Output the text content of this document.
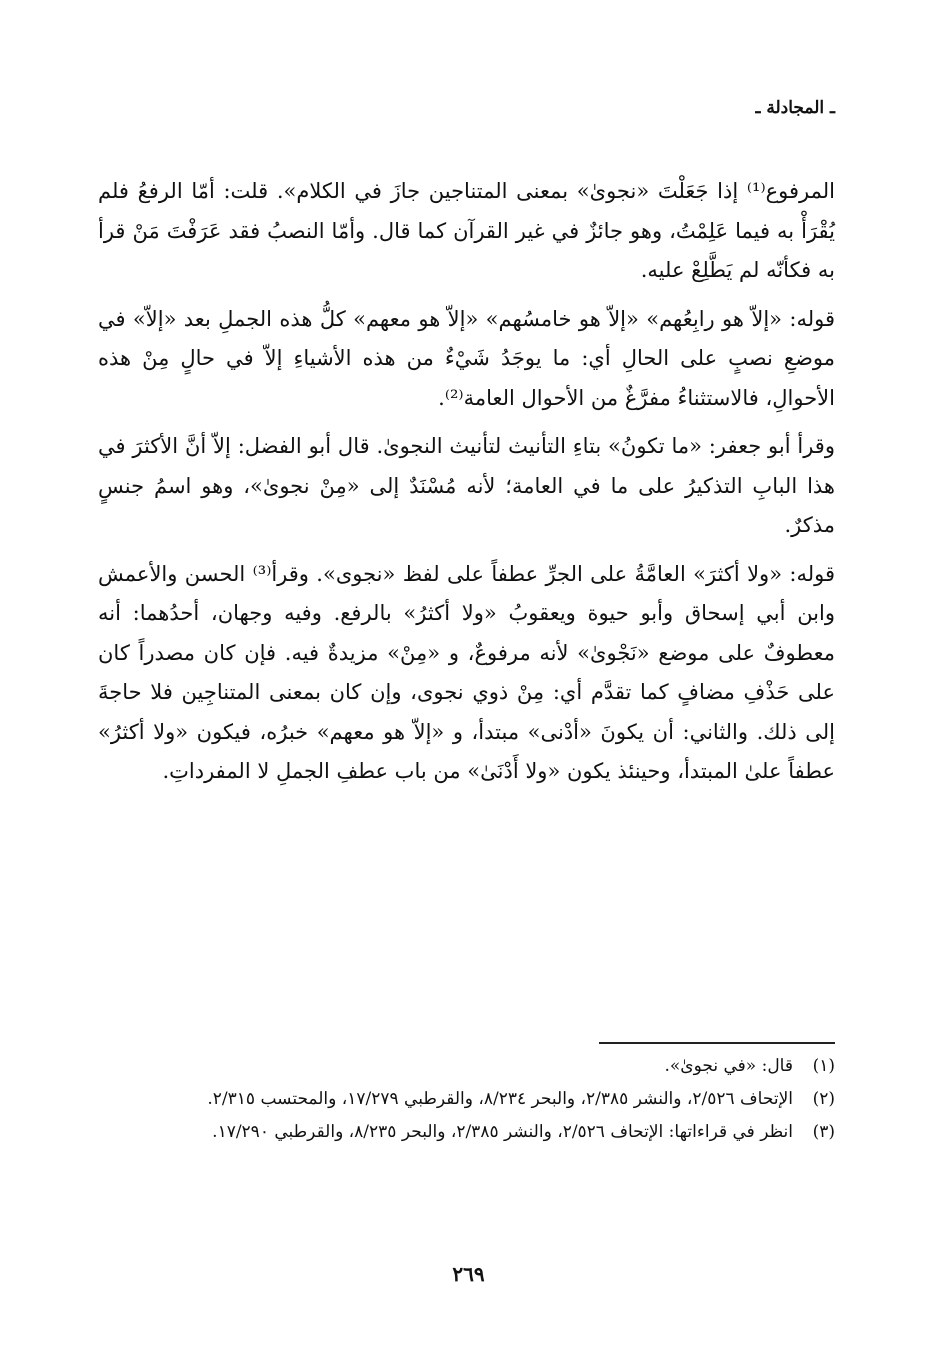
ـ المجادلة ـ

المرفوع⁽¹⁾ إذا جَعَلْتَ «نجوىٰ» بمعنى المتناجين جازَ في الكلام». قلت: أمّا الرفعُ فلم يُقْرَأْ به فيما عَلِمْتُ، وهو جائزٌ في غير القرآن كما قال. وأمّا النصبُ فقد عَرَفْتَ مَنْ قرأ به فكأنّه لم يَطَّلِعْ عليه.

قوله: «إلاّ هو رابِعُهم» «إلاّ هو خامسُهم» «إلاّ هو معهم» كلُّ هذه الجملِ بعد «إلاّ» في موضعِ نصبٍ على الحالِ أي: ما يوجَدُ شَيْءٌ من هذه الأشياءِ إلاّ في حالٍ مِنْ هذه الأحوالِ، فالاستثناءُ مفرَّغٌ من الأحوال العامة⁽²⁾.

وقرأ أبو جعفر: «ما تكونُ» بتاءِ التأنيث لتأنيث النجوىٰ. قال أبو الفضل: إلاّ أنَّ الأكثرَ في هذا البابِ التذكيرُ على ما في العامة؛ لأنه مُسْنَدٌ إلى «مِنْ نجوىٰ»، وهو اسمُ جنسٍ مذكرٌ.

قوله: «ولا أكثرَ» العامَّةُ على الجرِّ عطفاً على لفظ «نجوى». وقرأ⁽³⁾ الحسن والأعمش وابن أبي إسحاق وأبو حيوة ويعقوبُ «ولا أكثرُ» بالرفع. وفيه وجهان، أحدُهما: أنه معطوفٌ على موضع «نَجْوىٰ» لأنه مرفوعٌ، و «مِنْ» مزيدةٌ فيه. فإن كان مصدراً كان على حَذْفِ مضافٍ كما تقدَّم أي: مِنْ ذوي نجوى، وإن كان بمعنى المتناجِين فلا حاجةَ إلى ذلك. والثاني: أن يكونَ «أدْنى» مبتدأ، و «إلاّ هو معهم» خبرُه، فيكون «ولا أكثرُ» عطفاً علىٰ المبتدأ، وحينئذ يكون «ولا أَدْنَىٰ» من باب عطفِ الجملِ لا المفرداتِ.

(١)
قال: «في نجوىٰ».
(٢)
الإتحاف ٢/٥٢٦، والنشر ٢/٣٨٥، والبحر ٨/٢٣٤، والقرطبي ١٧/٢٧٩، والمحتسب ٢/٣١٥.
(٣)
انظر في قراءاتها: الإتحاف ٢/٥٢٦، والنشر ٢/٣٨٥، والبحر ٨/٢٣٥، والقرطبي ١٧/٢٩٠.
٢٦٩
